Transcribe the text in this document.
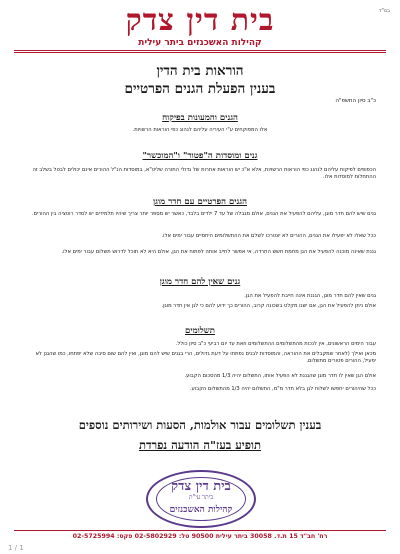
בס"ד
בית דין צדק
קהילות האשכנזים ביתר עילית
הוראות בית הדין
בענין הפעלת הגנים הפרטיים
כ"ב סיון התשפ"ה
הגנים והמעונות בפיקוח
אלו המפוקחים ע"י העיריה עליהם לנהוג כפי הוראות הרשויות.
גנים ומוסדות ה"פטור" ו"המוכשר"
הכפופים לפיקוח עליהם לנהוג כפי הוראות הרשויות, אלא א"כ יש הוראות אחרות של גדולי התורה שליט"א, במוסדות הנ"ל ההורים אינם יכולים לבטל בשלב זה ההתחלות למוסדות אלו.
הגנים הפרטיים עם חדר מוגן
גנים שיש להם חדר מוגן, עליהם להפעיל את הגנים, אולם מגבלה של עד 7 ילדים בלבד, כאשר יש מספר יותר צריך שיהיו תלמידים יש לסדר רוטציה בין ההורים.
ככל שאלו לא יפעילו את הגנים, ההורים לא יצטרכו לשלם את ההתשלומים היחסיים עבור ימים אלו.
גננת שאינה מוכנה להפעיל את הגן מחמת חשש החרדה, אי אפשר לחייב אותה לפתוח את הגן, אולם היא לא תוכל לדרוש תשלום עבור ימים אלו.
גנים שאין להם חדר מוגן
גנים שאין להם חדר מוגן, הגננת אינה חייבת להפעיל את הגן.
אולם ניתן להפעיל את הגן, אם ישנו מקלט בשכונה קרוב, ההורים כך ידוע להם כי לגן אין חדר מוגן.
תשלומים
עבור הימים הראשונים, אין לנכות מהתשלומים ההתשלומים וזאת עד יום רביעי כ"ב סיון כולל.
מכאן ואילך (לאחר שמקבלים את ההוראה, והמוסדות לבנים נפתחו על דעת גדולים, הרי בגנים שיש להם מוגן, ואין להם שום סיבה שלא יפתחו, כמו שהגנן לא יפעיל, ההורים פטורים מתשלום.
אולם הגן שאין לו חדר מוגן שהגננת לא הפעיל אותו, התשלום יהיה 1/3 מהסכום הקבוע.
ככל שהיהורים יחפשו לשלוח לגן בלא חדר מ"מ, התשלום יהיה 1/3 מהתשלום הקבוע.
בענין תשלומים עבור אולמות, הסעות ושירותים נוספים
תופיע בעז"ה הודעה נפרדת
בית דין צדק
ביתר עי"ת
קהילות האשכנזים
רח' חב"ד 15 ת.ד. 30058 ביתר עילית 90500 טל: 02-5802929 פקס: 02-5725994
1 / 1
